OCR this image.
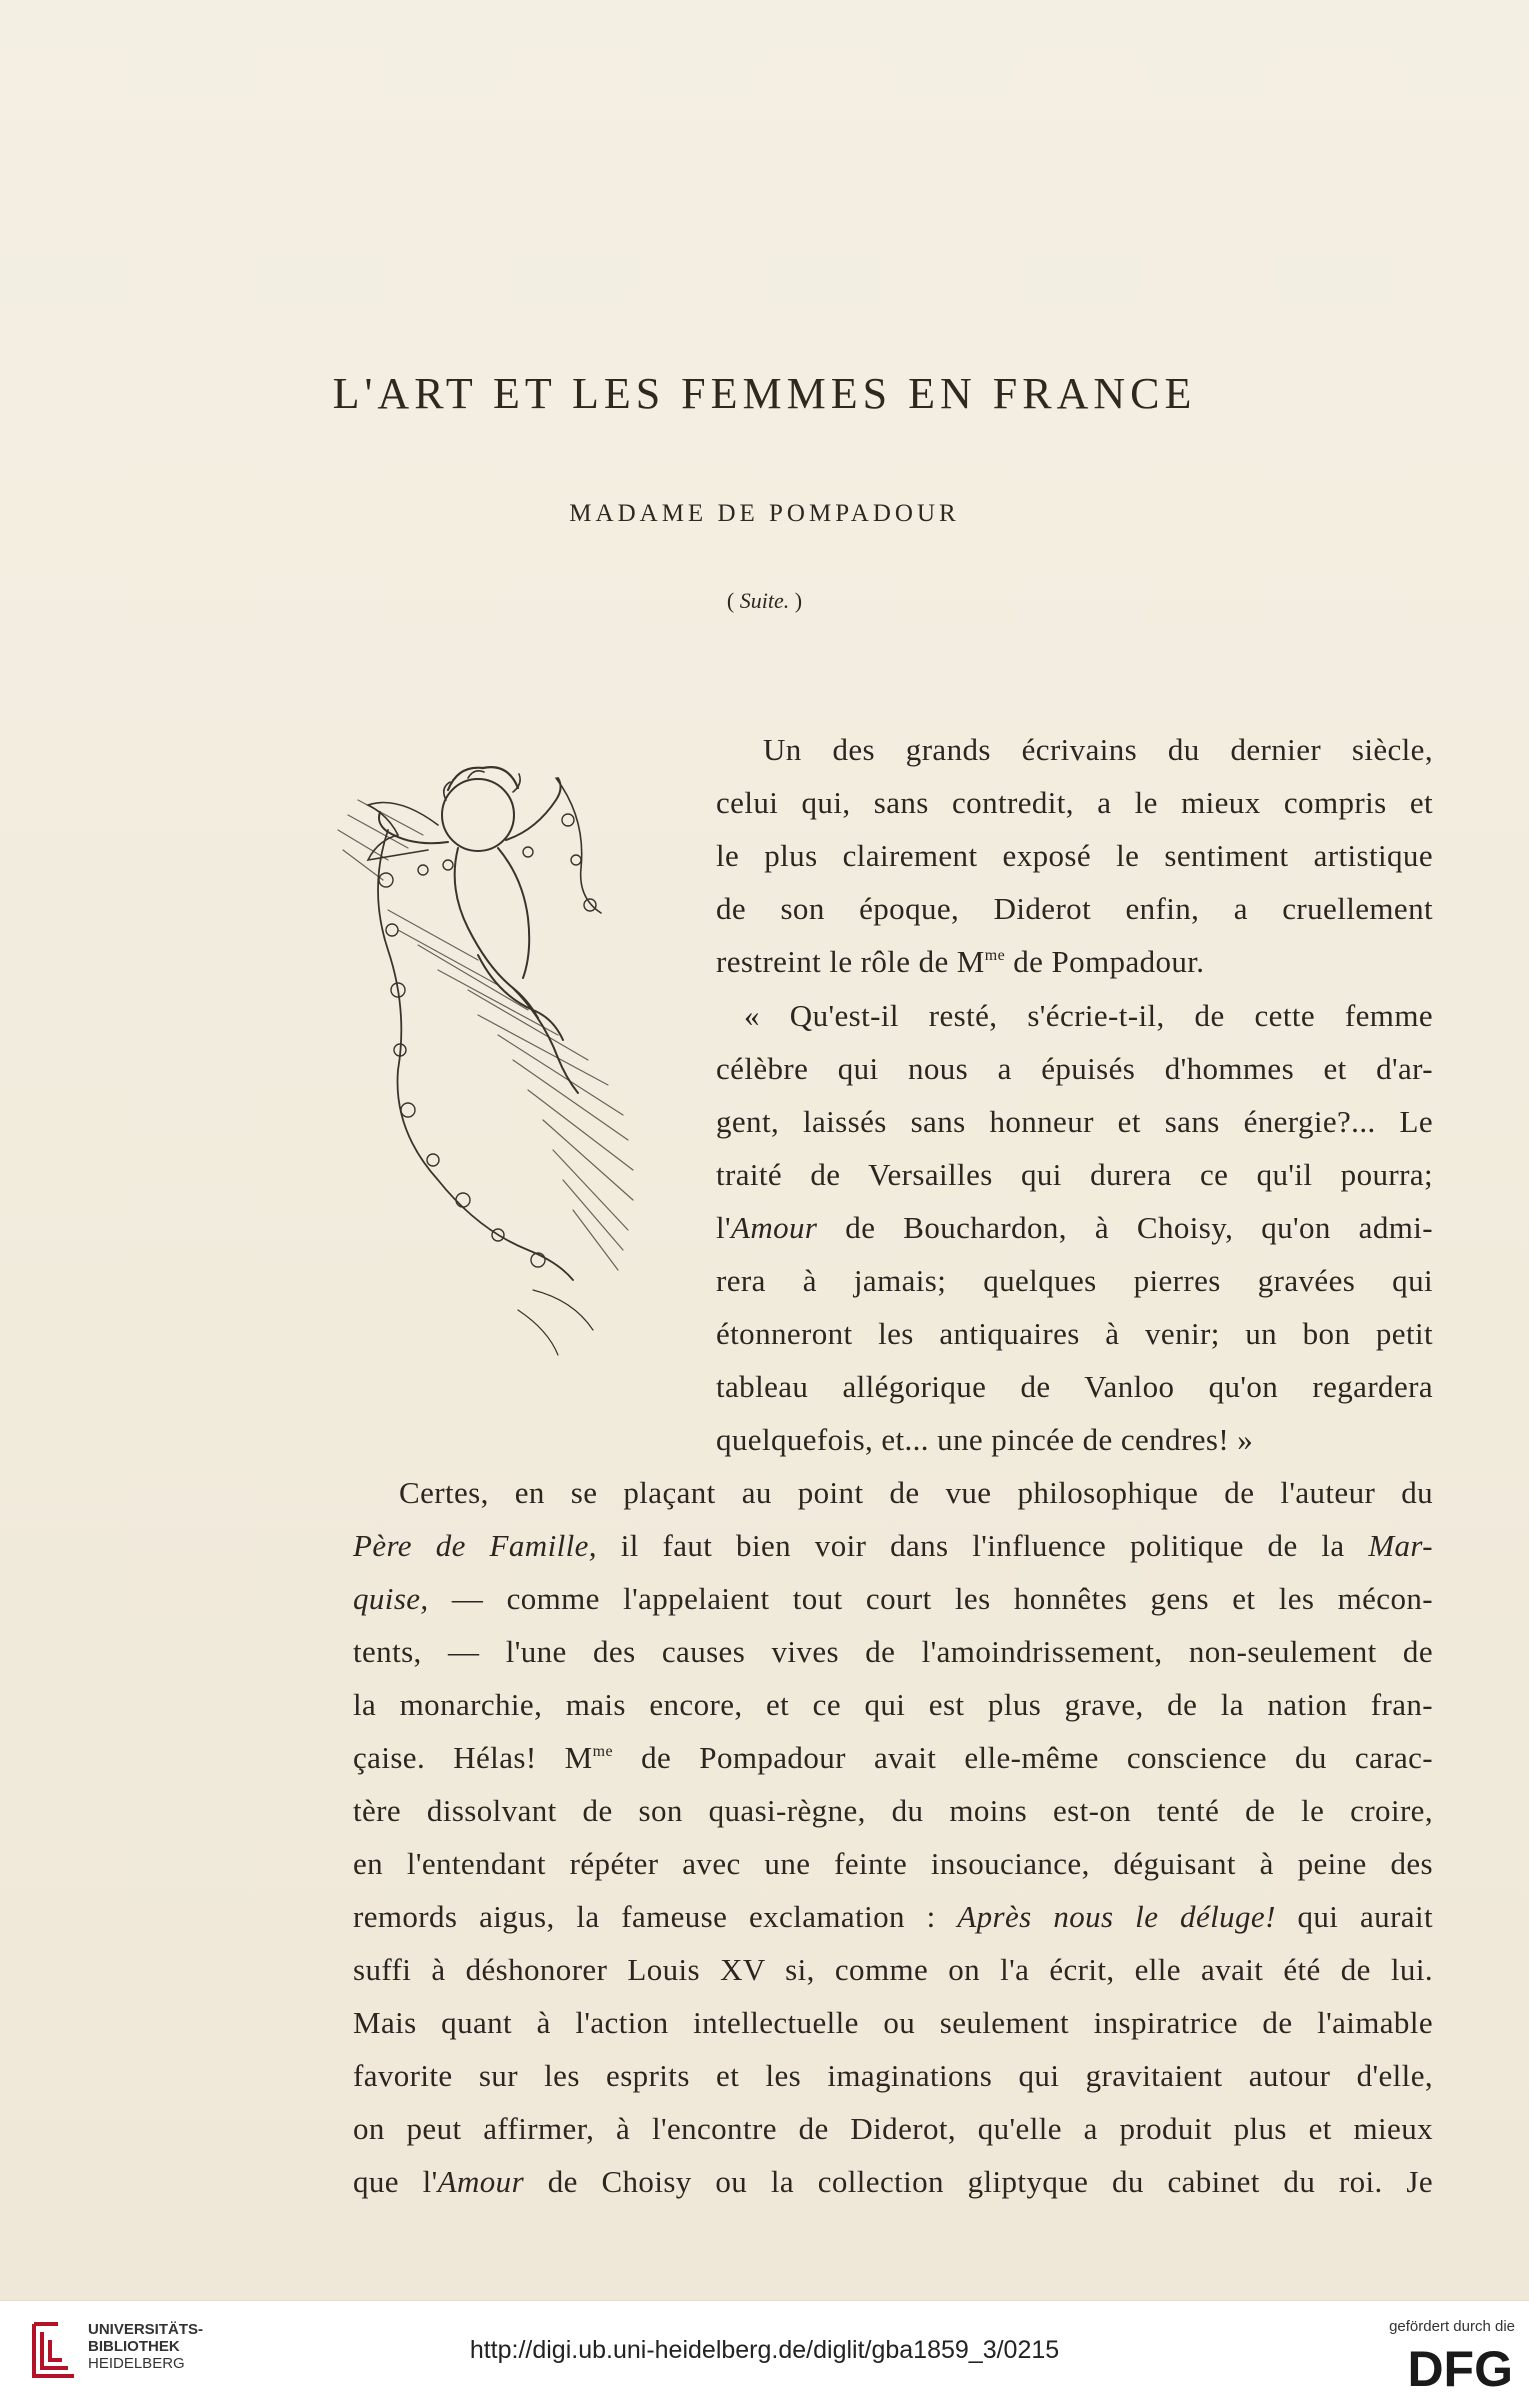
L'ART ET LES FEMMES EN FRANCE
MADAME DE POMPADOUR
( Suite. )
Un des grands écrivains du dernier siècle,
celui qui, sans contredit, a le mieux compris et
le plus clairement exposé le sentiment artistique
de son époque, Diderot enfin, a cruellement
restreint le rôle de $M^{me}$ de Pompadour.
« Qu'est-il resté, s'écrie-t-il, de cette femme
célèbre qui nous a épuisés d'hommes et d'ar-
gent, laissés sans honneur et sans énergie?... Le
traité de Versailles qui durera ce qu'il pourra;
l'Amour de Bouchardon, à Choisy, qu'on admi-
rera à jamais; quelques pierres gravées qui
étonneront les antiquaires à venir; un bon petit
tableau allégorique de Vanloo qu'on regardera
quelquefois, et... une pincée de cendres! »
Certes, en se plaçant au point de vue philosophique de l'auteur du
Père de Famille, il faut bien voir dans l'influence politique de la Mar-
quise, — comme l'appelaient tout court les honnêtes gens et les mécon-
tents, — l'une des causes vives de l'amoindrissement, non-seulement de
la monarchie, mais encore, et ce qui est plus grave, de la nation fran-
çaise. Hélas! $M^{me}$ de Pompadour avait elle-même conscience du carac-
tère dissolvant de son quasi-règne, du moins est-on tenté de le croire,
en l'entendant répéter avec une feinte insouciance, déguisant à peine des
remords aigus, la fameuse exclamation : Après nous le déluge! qui aurait
suffi à déshonorer Louis XV si, comme on l'a écrit, elle avait été de lui.
Mais quant à l'action intellectuelle ou seulement inspiratrice de l'aimable
favorite sur les esprits et les imaginations qui gravitaient autour d'elle,
on peut affirmer, à l'encontre de Diderot, qu'elle a produit plus et mieux
que l'Amour de Choisy ou la collection gliptyque du cabinet du roi. Je
UNIVERSITÄTS-
BIBLIOTHEK
HEIDELBERG	http://digi.ub.uni-heidelberg.de/diglit/gba1859_3/0215
gefördert durch die
DFG
